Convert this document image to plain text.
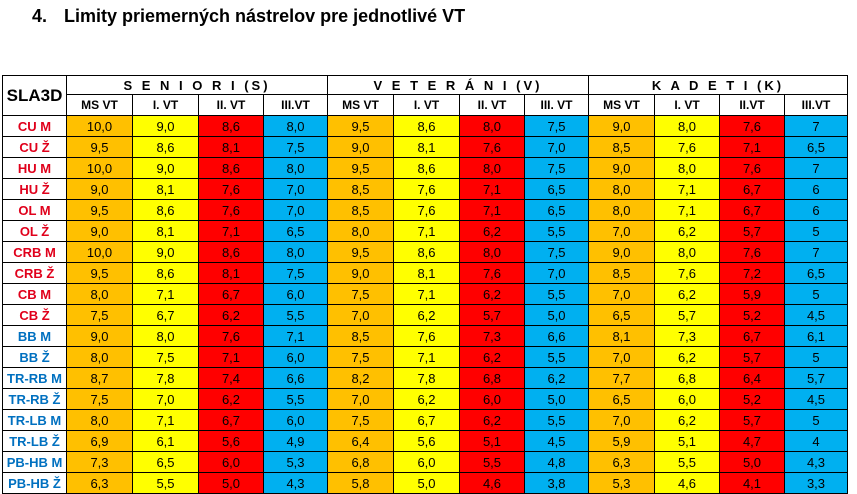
4. Limity priemerných nástrelov pre jednotlivé VT
SLA3D	S E N I O R I (S)				V E T E R Á N I (V)				K A D E T I (K)			
	MS VT	I. VT	II. VT	III.VT	MS VT	I. VT	II. VT	III. VT	MS VT	I. VT	II.VT	III.VT
CU M	10,0	9,0	8,6	8,0	9,5	8,6	8,0	7,5	9,0	8,0	7,6	7
CU Ž	9,5	8,6	8,1	7,5	9,0	8,1	7,6	7,0	8,5	7,6	7,1	6,5
HU M	10,0	9,0	8,6	8,0	9,5	8,6	8,0	7,5	9,0	8,0	7,6	7
HU Ž	9,0	8,1	7,6	7,0	8,5	7,6	7,1	6,5	8,0	7,1	6,7	6
OL M	9,5	8,6	7,6	7,0	8,5	7,6	7,1	6,5	8,0	7,1	6,7	6
OL Ž	9,0	8,1	7,1	6,5	8,0	7,1	6,2	5,5	7,0	6,2	5,7	5
CRB M	10,0	9,0	8,6	8,0	9,5	8,6	8,0	7,5	9,0	8,0	7,6	7
CRB Ž	9,5	8,6	8,1	7,5	9,0	8,1	7,6	7,0	8,5	7,6	7,2	6,5
CB M	8,0	7,1	6,7	6,0	7,5	7,1	6,2	5,5	7,0	6,2	5,9	5
CB Ž	7,5	6,7	6,2	5,5	7,0	6,2	5,7	5,0	6,5	5,7	5,2	4,5
BB M	9,0	8,0	7,6	7,1	8,5	7,6	7,3	6,6	8,1	7,3	6,7	6,1
BB Ž	8,0	7,5	7,1	6,0	7,5	7,1	6,2	5,5	7,0	6,2	5,7	5
TR-RB M	8,7	7,8	7,4	6,6	8,2	7,8	6,8	6,2	7,7	6,8	6,4	5,7
TR-RB Ž	7,5	7,0	6,2	5,5	7,0	6,2	6,0	5,0	6,5	6,0	5,2	4,5
TR-LB M	8,0	7,1	6,7	6,0	7,5	6,7	6,2	5,5	7,0	6,2	5,7	5
TR-LB Ž	6,9	6,1	5,6	4,9	6,4	5,6	5,1	4,5	5,9	5,1	4,7	4
PB-HB M	7,3	6,5	6,0	5,3	6,8	6,0	5,5	4,8	6,3	5,5	5,0	4,3
PB-HB Ž	6,3	5,5	5,0	4,3	5,8	5,0	4,6	3,8	5,3	4,6	4,1	3,3
